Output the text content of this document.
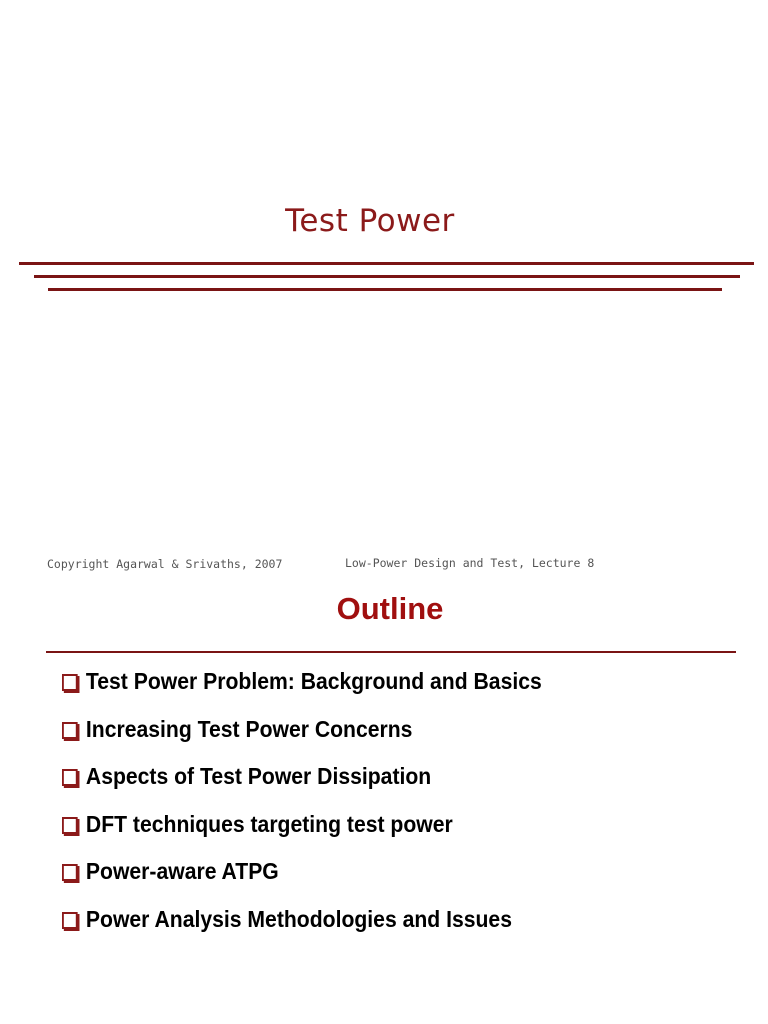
Test Power
Copyright Agarwal & Srivaths, 2007	Low-Power Design and Test, Lecture 8
Outline
Test Power Problem: Background and Basics
Increasing Test Power Concerns
Aspects of Test Power Dissipation
DFT techniques targeting test power
Power-aware ATPG
Power Analysis Methodologies and Issues
